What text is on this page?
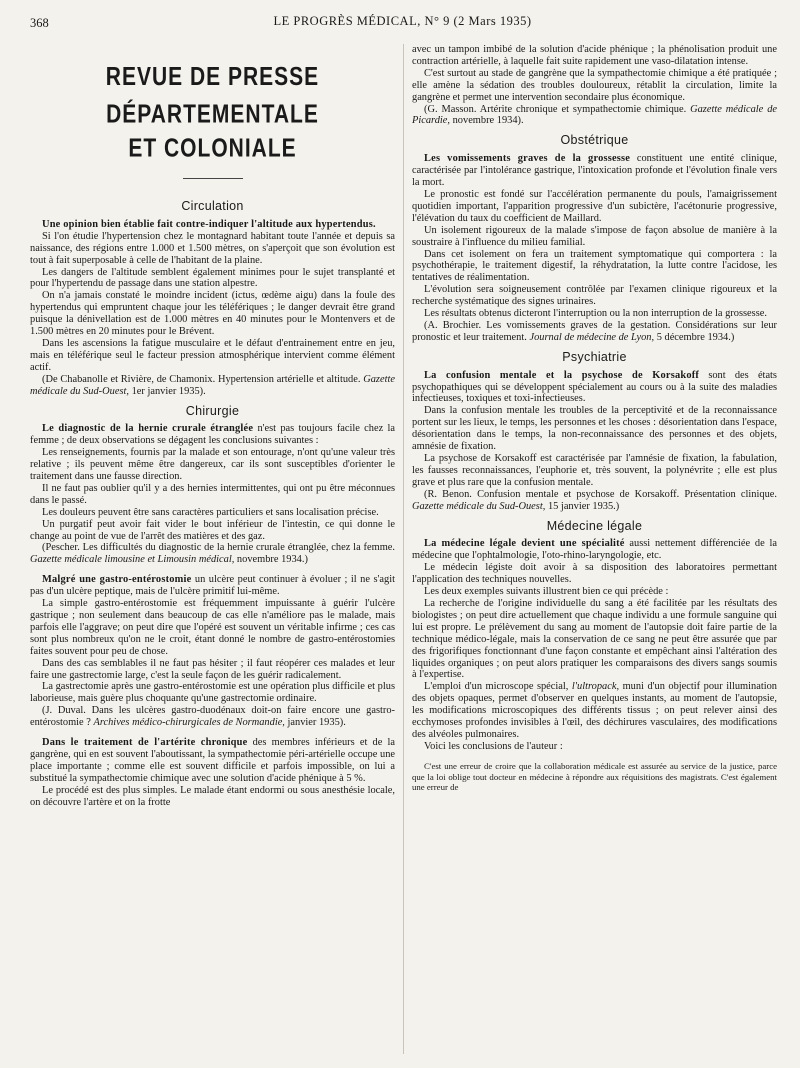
368	LE PROGRÈS MÉDICAL, N° 9 (2 Mars 1935)
REVUE DE PRESSE DÉPARTEMENTALE
ET COLONIALE
Circulation

Une opinion bien établie fait contre-indiquer l'altitude aux hypertendus.

Si l'on étudie l'hypertension chez le montagnard habitant toute l'année et depuis sa naissance, des régions entre 1.000 et 1.500 mètres, on s'aperçoit que son évolution est tout à fait superposable à celle de l'habitant de la plaine.

Les dangers de l'altitude semblent également minimes pour le sujet transplanté et pour l'hypertendu de passage dans une station alpestre.

On n'a jamais constaté le moindre incident (ictus, œdème aigu) dans la foule des hypertendus qui empruntent chaque jour les téléfériques ; le danger devrait être grand puisque la dénivellation est de 1.000 mètres en 40 minutes pour le Montenvers et de 1.500 mètres en 20 minutes pour le Brévent.

Dans les ascensions la fatigue musculaire et le défaut d'entrainement entre en jeu, mais en téléférique seul le facteur pression atmosphérique intervient comme élément actif.

(De Chabanolle et Rivière, de Chamonix. Hypertension artérielle et altitude. Gazette médicale du Sud-Ouest, 1er janvier 1935).

Chirurgie

Le diagnostic de la hernie crurale étranglée n'est pas toujours facile chez la femme ; de deux observations se dégagent les conclusions suivantes :

Les renseignements, fournis par la malade et son entourage, n'ont qu'une valeur très relative ; ils peuvent même être dangereux, car ils sont susceptibles d'orienter le traitement dans une fausse direction.

Il ne faut pas oublier qu'il y a des hernies intermittentes, qui ont pu être méconnues dans le passé.

Les douleurs peuvent être sans caractères particuliers et sans localisation précise.

Un purgatif peut avoir fait vider le bout inférieur de l'intestin, ce qui donne le change au point de vue de l'arrêt des matières et des gaz.

(Pescher. Les difficultés du diagnostic de la hernie crurale étranglée, chez la femme. Gazette médicale limousine et Limousin médical, novembre 1934.)

Malgré une gastro-entérostomie un ulcère peut continuer à évoluer ; il ne s'agit pas d'un ulcère peptique, mais de l'ulcère primitif lui-même.

La simple gastro-entérostomie est fréquemment impuissante à guérir l'ulcère gastrique ; non seulement dans beaucoup de cas elle n'améliore pas le malade, mais parfois elle l'aggrave; on peut dire que l'opéré est souvent un véritable infirme ; ces cas sont plus nombreux qu'on ne le croit, étant donné le nombre de gastro-entérostomies faites souvent pour peu de chose.

Dans des cas semblables il ne faut pas hésiter ; il faut réopérer ces malades et leur faire une gastrectomie large, c'est la seule façon de les guérir radicalement.

La gastrectomie après une gastro-entérostomie est une opération plus difficile et plus laborieuse, mais guère plus choquante qu'une gastrectomie ordinaire.

(J. Duval. Dans les ulcères gastro-duodénaux doit-on faire encore une gastro-entérostomie ? Archives médico-chirurgicales de Normandie, janvier 1935).

Dans le traitement de l'artérite chronique des membres inférieurs et de la gangrène, qui en est souvent l'aboutissant, la sympathectomie péri-artérielle occupe une place importante ; comme elle est souvent difficile et parfois impossible, on lui a substitué la sympathectomie chimique avec une solution d'acide phénique à 5 %.

Le procédé est des plus simples. Le malade étant endormi ou sous anesthésie locale, on découvre l'artère et on la frotte

avec un tampon imbibé de la solution d'acide phénique ; la phénolisation produit une contraction artérielle, à laquelle fait suite rapidement une vaso-dilatation intense.

C'est surtout au stade de gangrène que la sympathectomie chimique a été pratiquée ; elle amène la sédation des troubles douloureux, rétablit la circulation, limite la gangrène et permet une intervention secondaire plus économique.

(G. Masson. Artérite chronique et sympathectomie chimique. Gazette médicale de Picardie, novembre 1934).

Obstétrique

Les vomissements graves de la grossesse constituent une entité clinique, caractérisée par l'intolérance gastrique, l'intoxication profonde et l'évolution finale vers la mort.

Le pronostic est fondé sur l'accélération permanente du pouls, l'amaigrissement quotidien important, l'apparition progressive d'un subictère, l'acétonurie progressive, l'élévation du taux du coefficient de Maillard.

Un isolement rigoureux de la malade s'impose de façon absolue de manière à la soustraire à l'influence du milieu familial.

Dans cet isolement on fera un traitement symptomatique qui comportera : la psychothérapie, le traitement digestif, la réhydratation, la lutte contre l'acidose, les tentatives de réalimentation.

L'évolution sera soigneusement contrôlée par l'examen clinique rigoureux et la recherche systématique des signes urinaires.

Les résultats obtenus dicteront l'interruption ou la non interruption de la grossesse.

(A. Brochier. Les vomissements graves de la gestation. Considérations sur leur pronostic et leur traitement. Journal de médecine de Lyon, 5 décembre 1934.)

Psychiatrie

La confusion mentale et la psychose de Korsakoff sont des états psychopathiques qui se développent spécialement au cours ou à la suite des maladies infectieuses, toxiques et toxi-infectieuses.

Dans la confusion mentale les troubles de la perceptivité et de la reconnaissance portent sur les lieux, le temps, les personnes et les choses : désorientation dans l'espace, désorientation dans le temps, la non-reconnaissance des personnes et des objets, amnésie de fixation.

La psychose de Korsakoff est caractérisée par l'amnésie de fixation, la fabulation, les fausses reconnaissances, l'euphorie et, très souvent, la polynévrite ; elle est plus grave et plus rare que la confusion mentale.

(R. Benon. Confusion mentale et psychose de Korsakoff. Présentation clinique. Gazette médicale du Sud-Ouest, 15 janvier 1935.)

Médecine légale

La médecine légale devient une spécialité aussi nettement différenciée de la médecine que l'ophtalmologie, l'oto-rhino-laryngologie, etc.

Le médecin légiste doit avoir à sa disposition des laboratoires permettant l'application des techniques nouvelles.

Les deux exemples suivants illustrent bien ce qui précède :

La recherche de l'origine individuelle du sang a été facilitée par les résultats des biologistes ; on peut dire actuellement que chaque individu a une formule sanguine qui lui est propre. Le prélèvement du sang au moment de l'autopsie doit faire partie de la technique médico-légale, mais la conservation de ce sang ne peut être assurée que par des frigorifiques fonctionnant d'une façon constante et empêchant ainsi l'altération des liquides organiques ; on peut alors pratiquer les comparaisons des divers sangs soumis à l'expertise.

L'emploi d'un microscope spécial, l'ultropack, muni d'un objectif pour illumination des objets opaques, permet d'observer en quelques instants, au moment de l'autopsie, les modifications microscopiques des différents tissus ; on peut relever ainsi des ecchymoses profondes invisibles à l'œil, des déchirures vasculaires, des modifications des alvéoles pulmonaires.

Voici les conclusions de l'auteur :

C'est une erreur de croire que la collaboration médicale est assurée au service de la justice, parce que la loi oblige tout docteur en médecine à répondre aux réquisitions des magistrats. C'est également une erreur de
